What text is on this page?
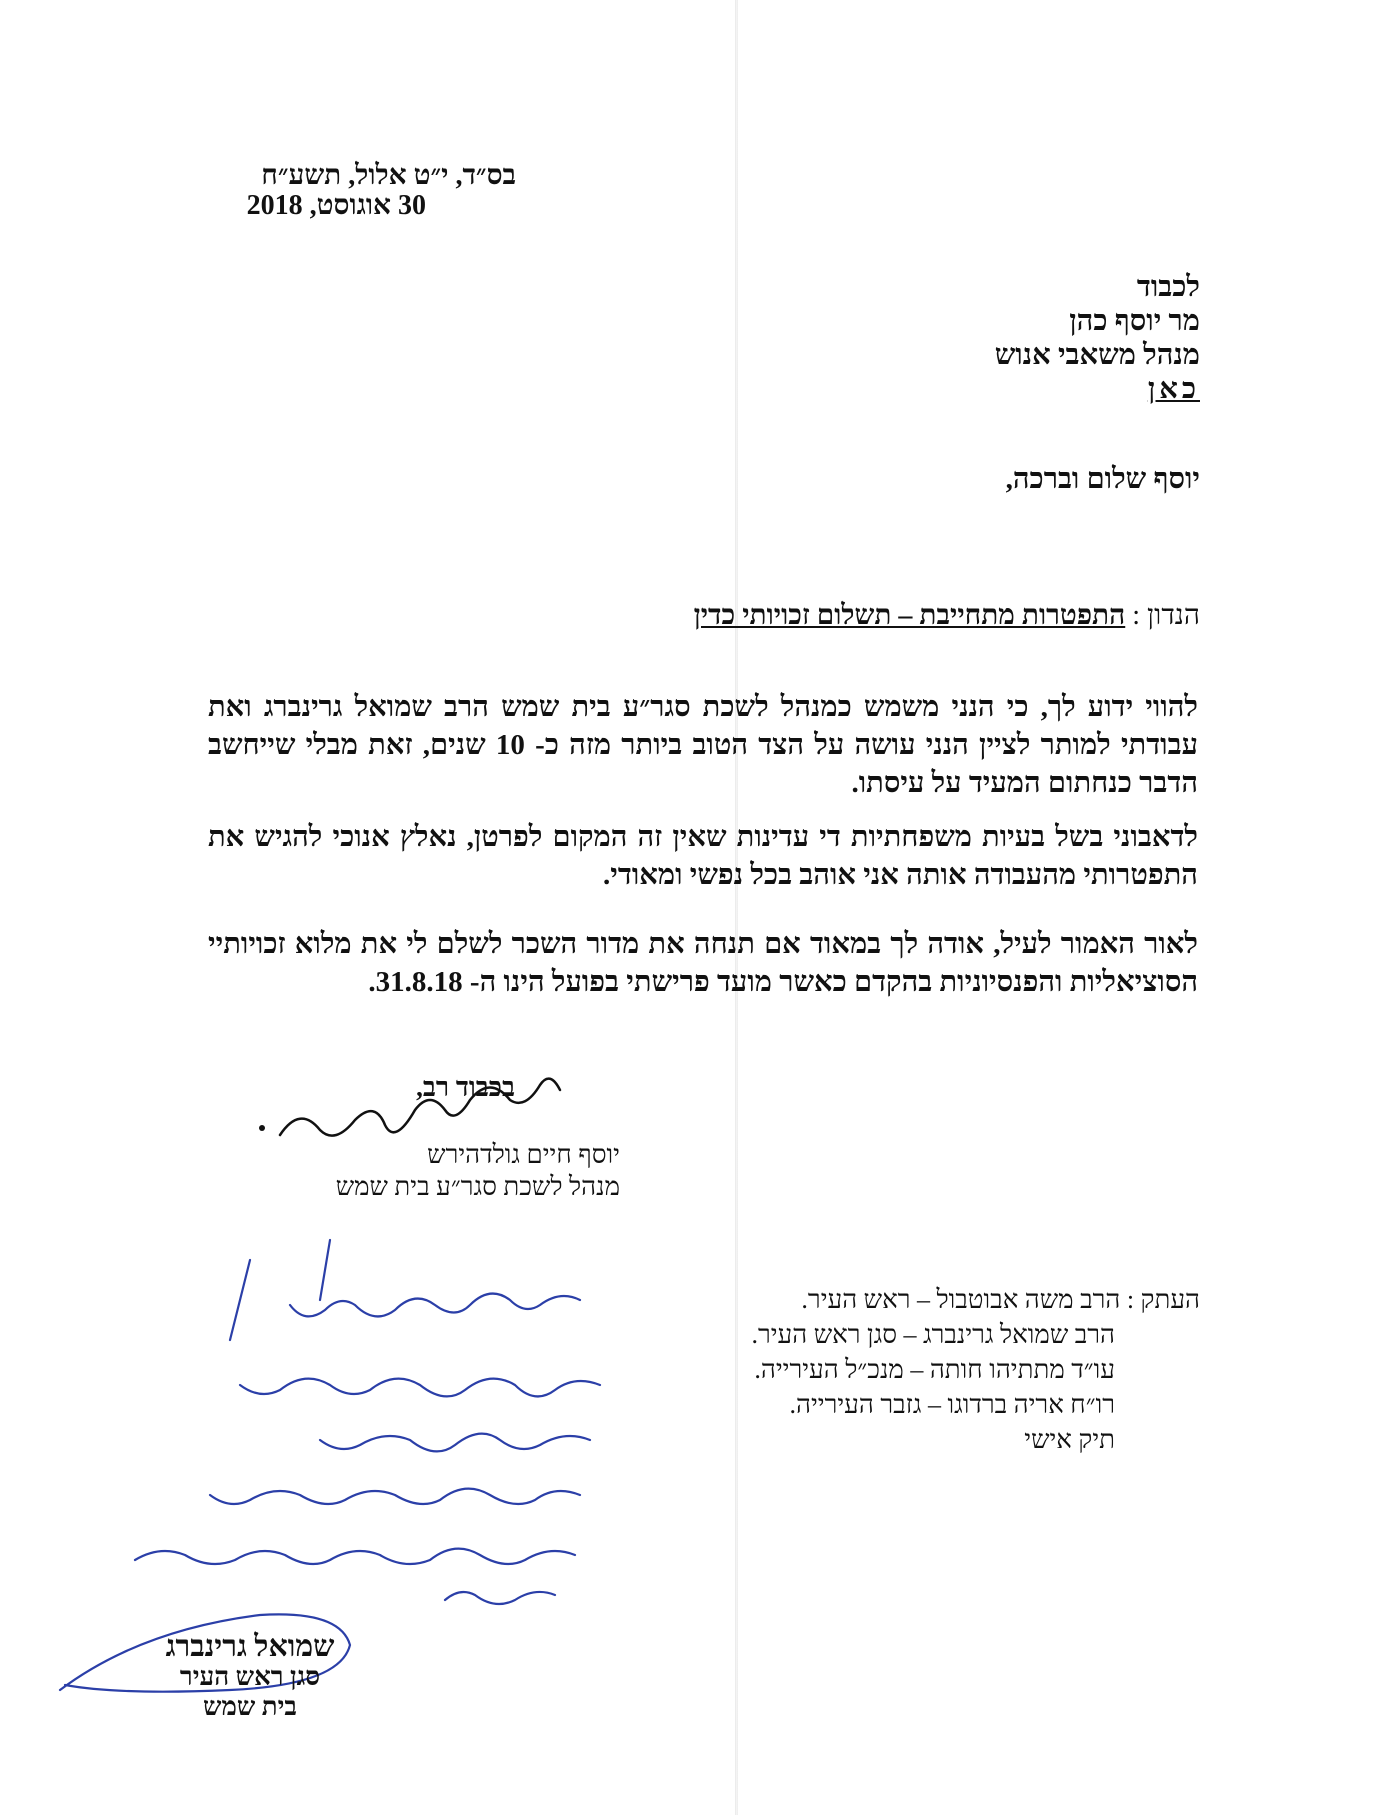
בס״ד, י״ט אלול, תשע״ח
30 אוגוסט, 2018
לכבוד
מר יוסף כהן
מנהל משאבי אנוש
כאן
יוסף שלום וברכה,
הנדון : התפטרות מתחייבת – תשלום זכויותי כדין
להווי ידוע לך, כי הנני משמש כמנהל לשכת סגר״ע בית שמש הרב שמואל גרינברג ואת עבודתי למותר לציין הנני עושה על הצד הטוב ביותר מזה כ- 10 שנים, זאת מבלי שייחשב הדבר כנחתום המעיד על עיסתו.
לדאבוני בשל בעיות משפחתיות די עדינות שאין זה המקום לפרטן, נאלץ אנוכי להגיש את התפטרותי מהעבודה אותה אני אוהב בכל נפשי ומאודי.
לאור האמור לעיל, אודה לך במאוד אם תנחה את מדור השכר לשלם לי את מלוא זכויותיי הסוציאליות והפנסיוניות בהקדם כאשר מועד פרישתי בפועל הינו ה- 31.8.18.
בכבוד רב,
יוסף חיים גולדהירש
מנהל לשכת סגר״ע בית שמש
העתק : הרב משה אבוטבול – ראש העיר.
הרב שמואל גרינברג – סגן ראש העיר.
עו״ד מתתיהו חותה – מנכ״ל העירייה.
רו״ח אריה ברדוגו – גזבר העירייה.
תיק אישי
שמואל גרינברג
סגן ראש העיר
בית שמש
